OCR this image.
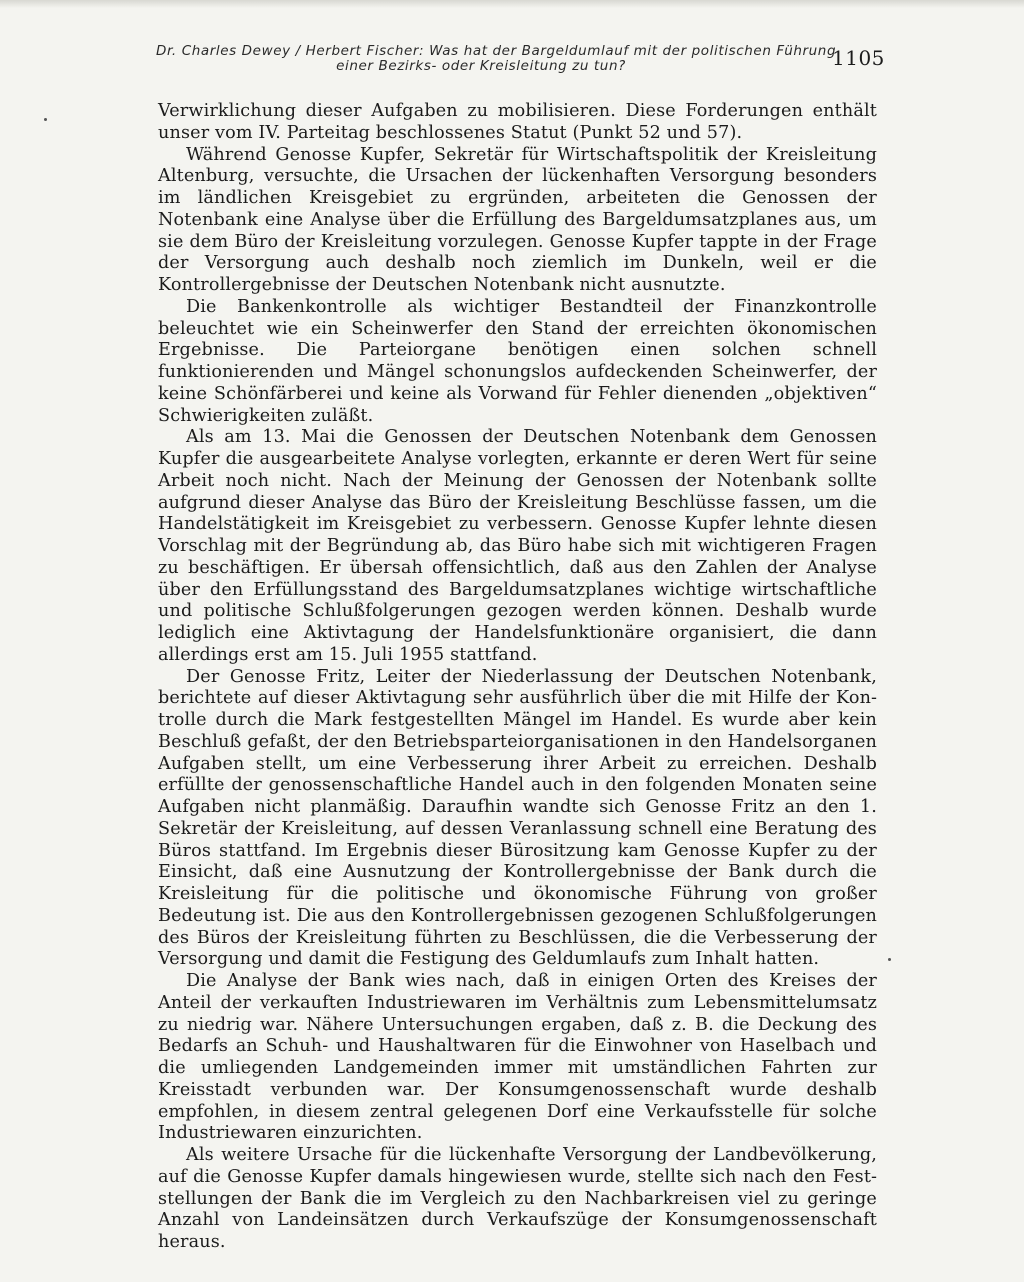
Dr. Charles Dewey / Herbert Fischer: Was hat der Bargeldumlauf mit der politischen Führung
einer Bezirks- oder Kreisleitung zu tun?	1105

Verwirklichung dieser Aufgaben zu mobilisieren. Diese Forderungen enthält unser vom IV. Parteitag beschlossenes Statut (Punkt 52 und 57).

Während Genosse Kupfer, Sekretär für Wirtschaftspolitik der Kreisleitung Altenburg, versuchte, die Ursachen der lückenhaften Versorgung besonders im ländlichen Kreisgebiet zu ergründen, arbeiteten die Genossen der Notenbank eine Analyse über die Erfüllung des Bargeldumsatzplanes aus, um sie dem Büro der Kreisleitung vorzulegen. Genosse Kupfer tappte in der Frage der Versorgung auch deshalb noch ziemlich im Dunkeln, weil er die Kontrollergebnisse der Deutschen Notenbank nicht ausnutzte.

Die Bankenkontrolle als wichtiger Bestandteil der Finanzkontrolle beleuchtet wie ein Scheinwerfer den Stand der erreichten ökonomischen Ergebnisse. Die Parteiorgane benötigen einen solchen schnell funktionierenden und Mängel schonungslos aufdeckenden Scheinwerfer, der keine Schönfärberei und keine als Vorwand für Fehler dienenden „objektiven“ Schwierigkeiten zuläßt.

Als am 13. Mai die Genossen der Deutschen Notenbank dem Genossen Kupfer die ausgearbeitete Analyse vorlegten, erkannte er deren Wert für seine Arbeit noch nicht. Nach der Meinung der Genossen der Notenbank sollte aufgrund dieser Analyse das Büro der Kreisleitung Beschlüsse fassen, um die Handelstätigkeit im Kreisgebiet zu verbessern. Genosse Kupfer lehnte diesen Vorschlag mit der Begründung ab, das Büro habe sich mit wichtigeren Fragen zu beschäftigen. Er übersah offensichtlich, daß aus den Zahlen der Analyse über den Erfüllungsstand des Bargeldumsatzplanes wichtige wirtschaftliche und politische Schlußfolgerungen gezogen werden können. Deshalb wurde lediglich eine Aktivtagung der Handelsfunktionäre organisiert, die dann allerdings erst am 15. Juli 1955 stattfand.

Der Genosse Fritz, Leiter der Niederlassung der Deutschen Notenbank, berichtete auf dieser Aktivtagung sehr ausführlich über die mit Hilfe der Kontrolle durch die Mark festgestellten Mängel im Handel. Es wurde aber kein Beschluß gefaßt, der den Betriebsparteiorganisationen in den Handelsorganen Aufgaben stellt, um eine Verbesserung ihrer Arbeit zu erreichen. Deshalb erfüllte der genossenschaftliche Handel auch in den folgenden Monaten seine Aufgaben nicht planmäßig. Daraufhin wandte sich Genosse Fritz an den 1. Sekretär der Kreisleitung, auf dessen Veranlassung schnell eine Beratung des Büros stattfand. Im Ergebnis dieser Bürositzung kam Genosse Kupfer zu der Einsicht, daß eine Ausnutzung der Kontrollergebnisse der Bank durch die Kreisleitung für die politische und ökonomische Führung von großer Bedeutung ist. Die aus den Kontrollergebnissen gezogenen Schlußfolgerungen des Büros der Kreisleitung führten zu Beschlüssen, die die Verbesserung der Versorgung und damit die Festigung des Geldumlaufs zum Inhalt hatten.

Die Analyse der Bank wies nach, daß in einigen Orten des Kreises der Anteil der verkauften Industriewaren im Verhältnis zum Lebensmittelumsatz zu niedrig war. Nähere Untersuchungen ergaben, daß z. B. die Deckung des Bedarfs an Schuh- und Haushaltwaren für die Einwohner von Haselbach und die umliegenden Landgemeinden immer mit umständlichen Fahrten zur Kreisstadt verbunden war. Der Konsumgenossenschaft wurde deshalb empfohlen, in diesem zentral gelegenen Dorf eine Verkaufsstelle für solche Industriewaren einzurichten.

Als weitere Ursache für die lückenhafte Versorgung der Landbevölkerung, auf die Genosse Kupfer damals hingewiesen wurde, stellte sich nach den Feststellungen der Bank die im Vergleich zu den Nachbarkreisen viel zu geringe Anzahl von Landeinsätzen durch Verkaufszüge der Konsumgenossenschaft heraus.
